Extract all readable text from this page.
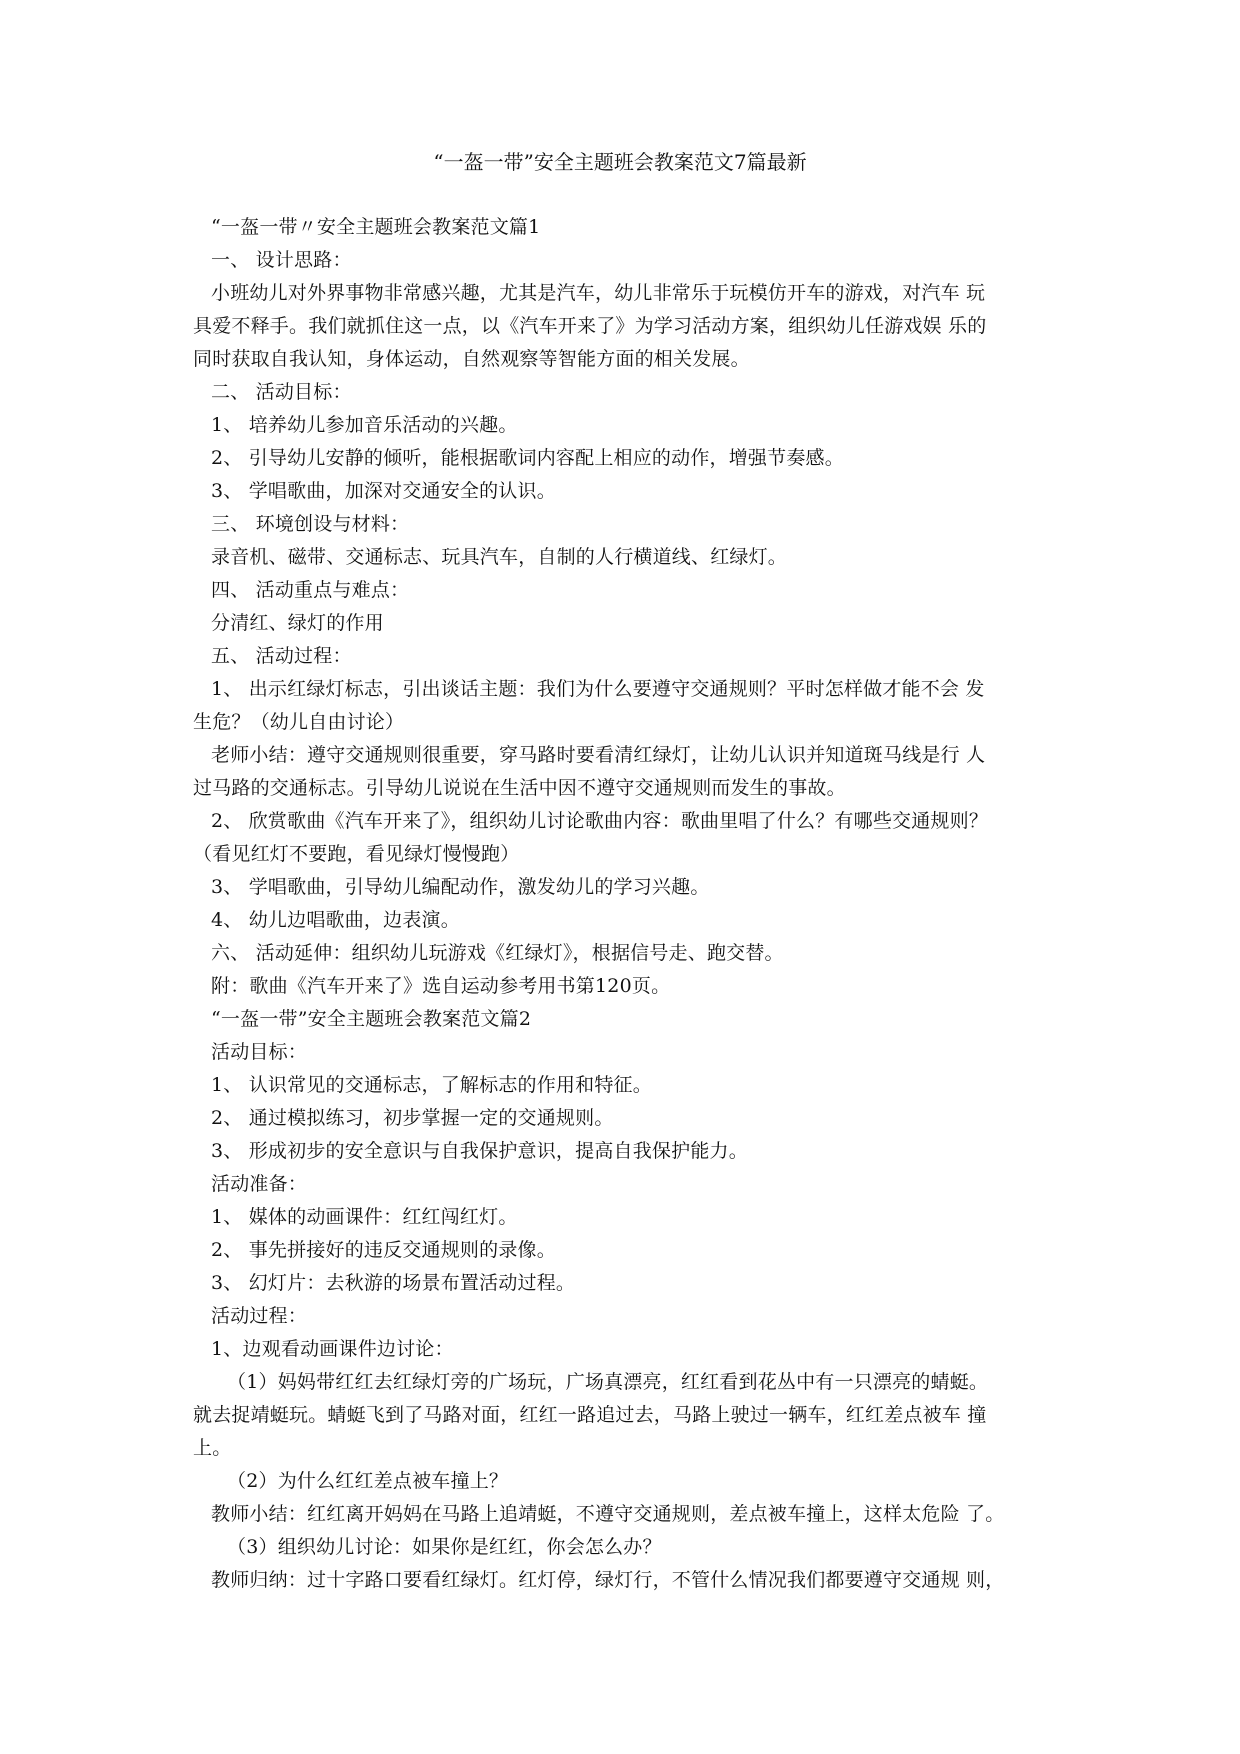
“一盔一带”安全主题班会教案范文7篇最新
“一盔一带〃安全主题班会教案范文篇1
一、 设计思路：
小班幼儿对外界事物非常感兴趣，尤其是汽车，幼儿非常乐于玩模仿开车的游戏，对汽车 玩
具爱不释手。我们就抓住这一点，以《汽车开来了》为学习活动方案，组织幼儿任游戏娱 乐的
同时获取自我认知，身体运动，自然观察等智能方面的相关发展。
二、 活动目标：
1、 培养幼儿参加音乐活动的兴趣。
2、 引导幼儿安静的倾听，能根据歌词内容配上相应的动作，增强节奏感。
3、 学唱歌曲，加深对交通安全的认识。
三、 环境创设与材料：
录音机、磁带、交通标志、玩具汽车，自制的人行横道线、红绿灯。
四、 活动重点与难点：
分清红、绿灯的作用
五、 活动过程：
1、 出示红绿灯标志，引出谈话主题：我们为什么要遵守交通规则？平时怎样做才能不会 发
生危？（幼儿自由讨论）
老师小结：遵守交通规则很重要，穿马路时要看清红绿灯，让幼儿认识并知道斑马线是行 人
过马路的交通标志。引导幼儿说说在生活中因不遵守交通规则而发生的事故。
2、 欣赏歌曲《汽车开来了》，组织幼儿讨论歌曲内容：歌曲里唱了什么？有哪些交通规则？
（看见红灯不要跑，看见绿灯慢慢跑）
3、 学唱歌曲，引导幼儿编配动作，激发幼儿的学习兴趣。
4、 幼儿边唱歌曲，边表演。
六、 活动延伸：组织幼儿玩游戏《红绿灯》，根据信号走、跑交替。
附：歌曲《汽车开来了》选自运动参考用书第120页。
“一盔一带”安全主题班会教案范文篇2
活动目标：
1、 认识常见的交通标志，了解标志的作用和特征。
2、 通过模拟练习，初步掌握一定的交通规则。
3、 形成初步的安全意识与自我保护意识，提高自我保护能力。
活动准备：
1、 媒体的动画课件：红红闯红灯。
2、 事先拼接好的违反交通规则的录像。
3、 幻灯片：去秋游的场景布置活动过程。
活动过程：
1、边观看动画课件边讨论：
（1）妈妈带红红去红绿灯旁的广场玩，广场真漂亮，红红看到花丛中有一只漂亮的蜻蜓。
就去捉靖蜓玩。蜻蜓飞到了马路对面，红红一路追过去，马路上驶过一辆车，红红差点被车 撞
上。
（2）为什么红红差点被车撞上？
教师小结：红红离开妈妈在马路上追靖蜓，不遵守交通规则，差点被车撞上，这样太危险 了。
（3）组织幼儿讨论：如果你是红红，你会怎么办？
教师归纳：过十字路口要看红绿灯。红灯停，绿灯行，不管什么情况我们都要遵守交通规 则，
